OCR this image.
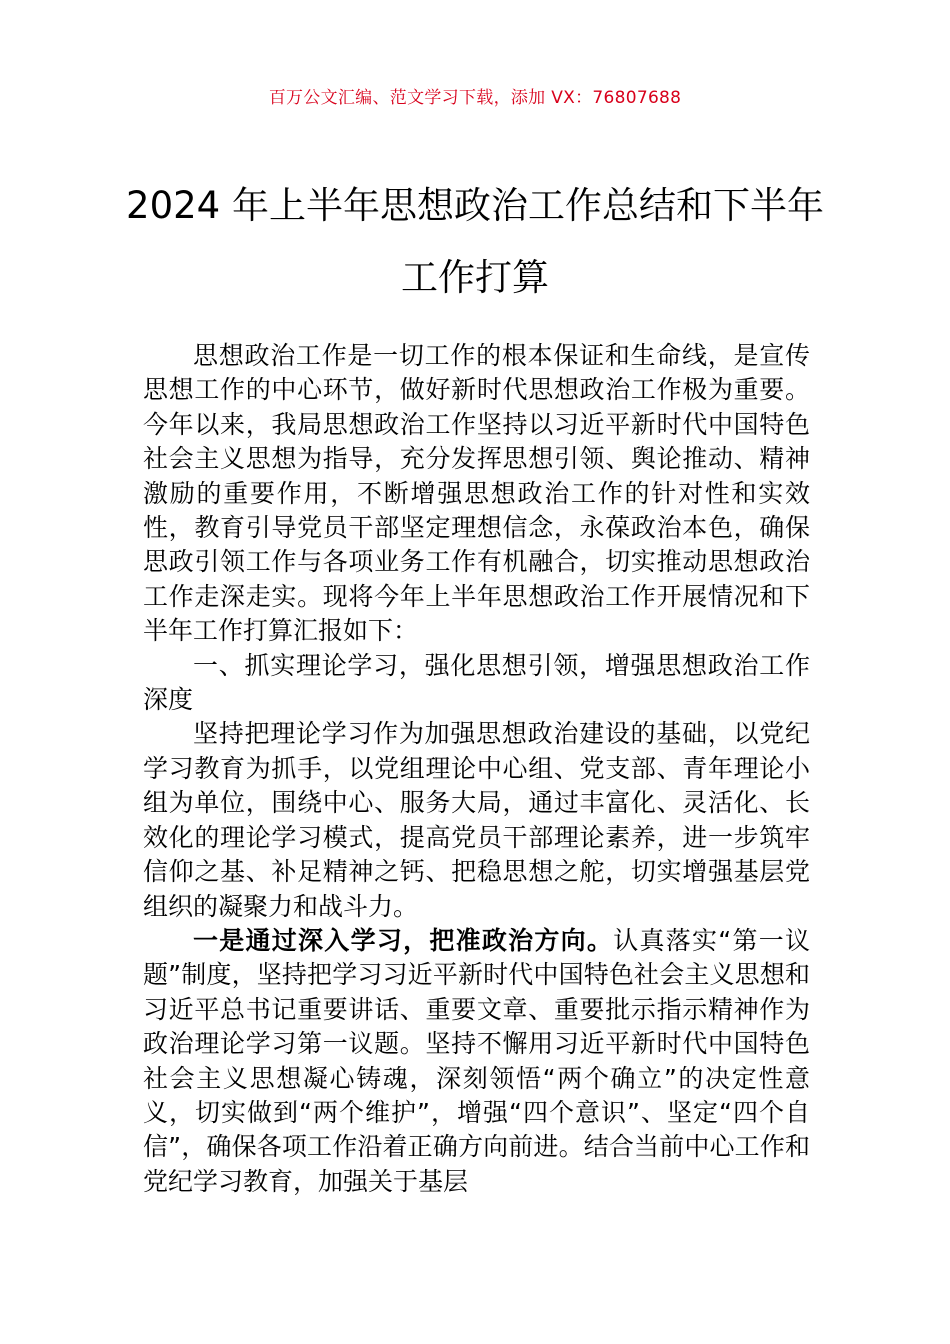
百万公文汇编、范文学习下载，添加 VX：76807688
2024 年上半年思想政治工作总结和下半年
工作打算

思想政治工作是一切工作的根本保证和生命线，是宣传思想工作的中心环节，做好新时代思想政治工作极为重要。今年以来，我局思想政治工作坚持以习近平新时代中国特色社会主义思想为指导，充分发挥思想引领、舆论推动、精神激励的重要作用，不断增强思想政治工作的针对性和实效性，教育引导党员干部坚定理想信念，永葆政治本色，确保思政引领工作与各项业务工作有机融合，切实推动思想政治工作走深走实。现将今年上半年思想政治工作开展情况和下半年工作打算汇报如下：

一、抓实理论学习，强化思想引领，增强思想政治工作深度

坚持把理论学习作为加强思想政治建设的基础，以党纪学习教育为抓手，以党组理论中心组、党支部、青年理论小组为单位，围绕中心、服务大局，通过丰富化、灵活化、长效化的理论学习模式，提高党员干部理论素养，进一步筑牢信仰之基、补足精神之钙、把稳思想之舵，切实增强基层党组织的凝聚力和战斗力。

一是通过深入学习，把准政治方向。认真落实“第一议题”制度，坚持把学习习近平新时代中国特色社会主义思想和习近平总书记重要讲话、重要文章、重要批示指示精神作为政治理论学习第一议题。坚持不懈用习近平新时代中国特色社会主义思想凝心铸魂，深刻领悟“两个确立”的决定性意义，切实做到“两个维护”，增强“四个意识”、坚定“四个自信”，确保各项工作沿着正确方向前进。结合当前中心工作和党纪学习教育，加强关于基层
